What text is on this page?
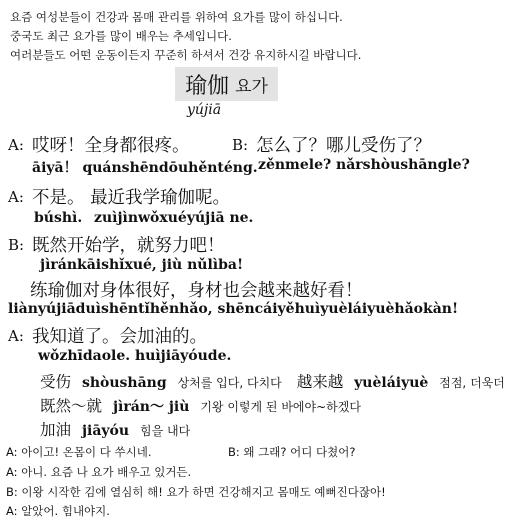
요즘 여성분들이 건강과 몸매 관리를 위하여 요가를 많이 하십니다.
중국도 최근 요가를 많이 배우는 추세입니다.
여러분들도 어떤 운동이든지 꾸준히 하셔서 건강 유지하시길 바랍니다.
瑜伽 요가
yújiā
A: 哎呀！全身都很疼。
āiyā！ quánshēndōuhěnténg.
B: 怎么了？哪儿受伤了？
zěnmele? nǎrshòushāngle?
A: 不是。 最近我学瑜伽呢。
búshì. zuìjìnwǒxuéyújiā ne.
B: 既然开始学，就努力吧！
jìránkāishǐxué, jiù nǔlìba!
练瑜伽对身体很好，身材也会越来越好看！
liànyújiāduìshēntǐhěnhǎo, shēncáiyěhuìyuèláiyuèhǎokàn!
A: 我知道了。会加油的。
wǒzhīdaole. huìjiāyóude.
受伤 shòushāng 상처를 입다, 다치다 越来越 yuèláiyuè 점점, 더욱더
既然～就 jìrán～ jiù 기왕 이렇게 된 바에야~하겠다
加油 jiāyóu 힘을 내다
A: 아이고! 온몸이 다 쑤시네.	B: 왜 그래? 어디 다쳤어?
A: 아니. 요즘 나 요가 배우고 있거든.
B: 이왕 시작한 김에 열심히 해! 요가 하면 건강해지고 몸매도 예뻐진다잖아!
A: 알았어. 힘내야지.
